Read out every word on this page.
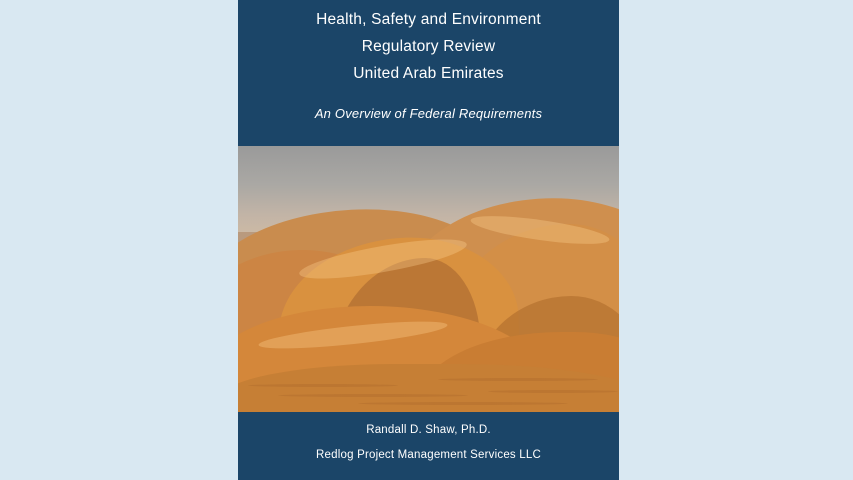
Health, Safety and Environment
Regulatory Review
United Arab Emirates
An Overview of Federal Requirements
Randall D. Shaw, Ph.D.
Redlog Project Management Services LLC
